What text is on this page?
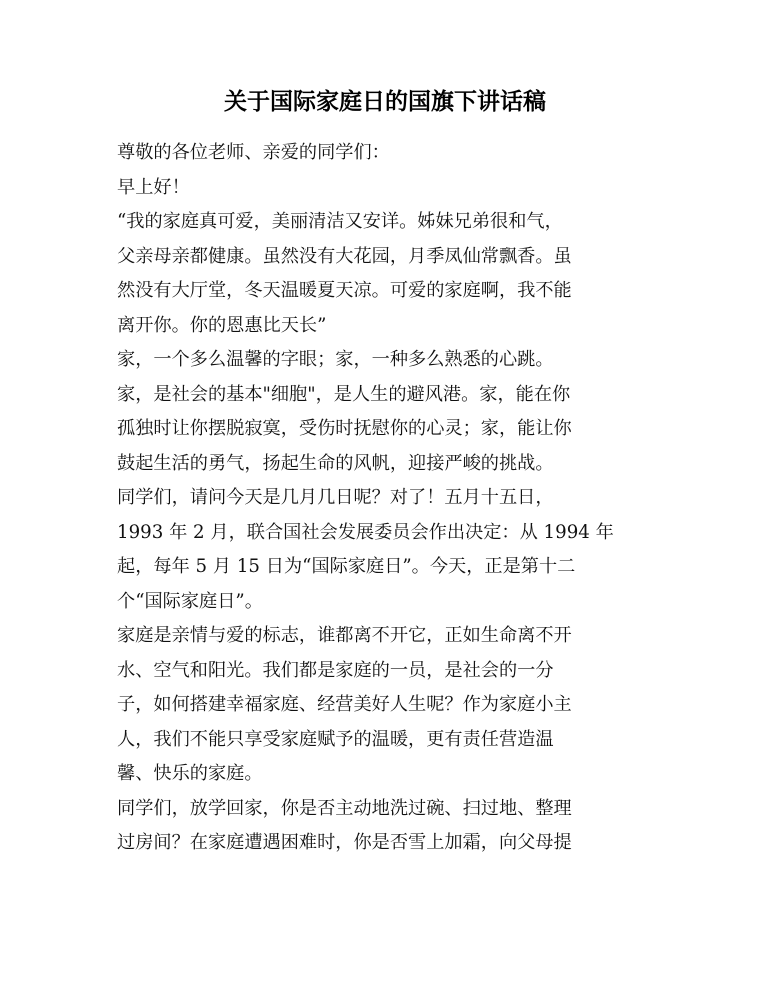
关于国际家庭日的国旗下讲话稿

尊敬的各位老师、亲爱的同学们：

早上好！

“我的家庭真可爱，美丽清洁又安详。姊妹兄弟很和气，

父亲母亲都健康。虽然没有大花园，月季凤仙常飘香。虽

然没有大厅堂，冬天温暖夏天凉。可爱的家庭啊，我不能

离开你。你的恩惠比天长”

家，一个多么温馨的字眼；家，一种多么熟悉的心跳。

家，是社会的基本"细胞"，是人生的避风港。家，能在你

孤独时让你摆脱寂寞，受伤时抚慰你的心灵；家，能让你

鼓起生活的勇气，扬起生命的风帆，迎接严峻的挑战。

同学们，请问今天是几月几日呢？对了！五月十五日，

1993 年 2 月，联合国社会发展委员会作出决定：从 1994 年

起，每年 5 月 15 日为“国际家庭日”。今天，正是第十二

个“国际家庭日”。

家庭是亲情与爱的标志，谁都离不开它，正如生命离不开

水、空气和阳光。我们都是家庭的一员，是社会的一分

子，如何搭建幸福家庭、经营美好人生呢？作为家庭小主

人，我们不能只享受家庭赋予的温暖，更有责任营造温

馨、快乐的家庭。

同学们，放学回家，你是否主动地洗过碗、扫过地、整理

过房间？在家庭遭遇困难时，你是否雪上加霜，向父母提
